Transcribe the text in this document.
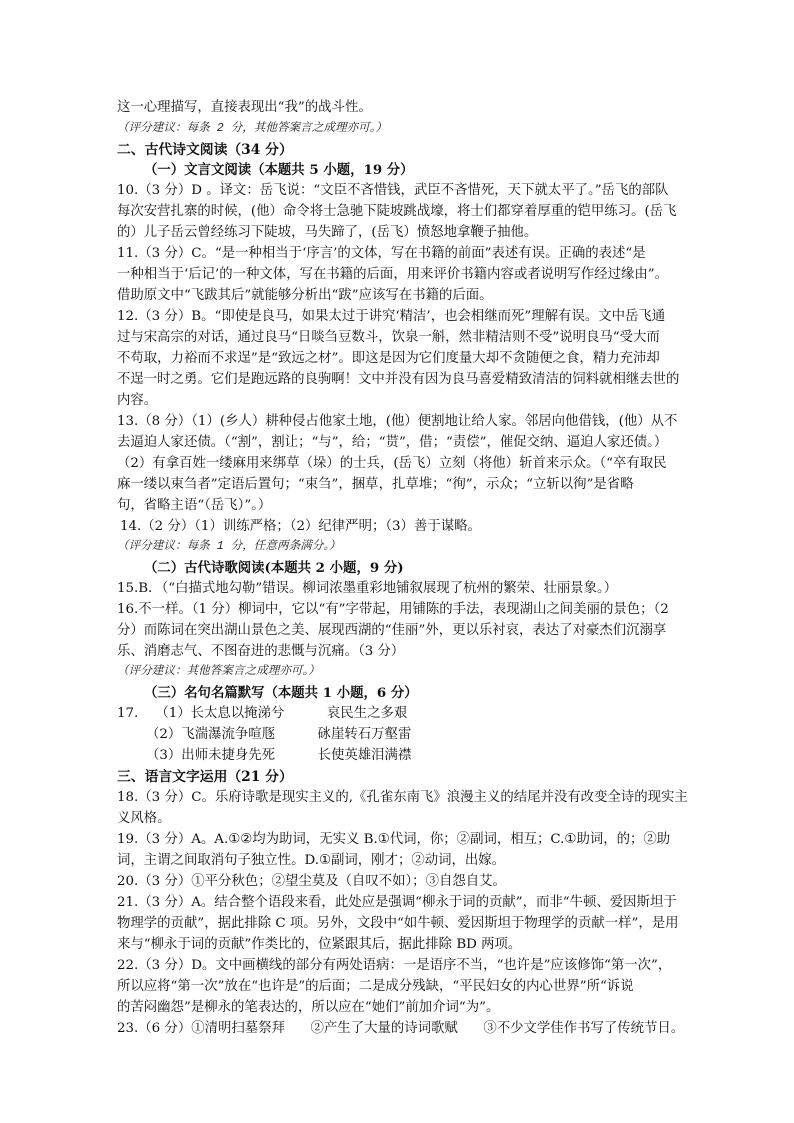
这一心理描写，直接表现出“我”的战斗性。
（评分建议：每条 2 分，其他答案言之成理亦可。）
二、古代诗文阅读（34 分）
（一）文言文阅读（本题共 5 小题，19 分）
10.（3 分）D 。译文：岳飞说：“文臣不吝惜钱，武臣不吝惜死，天下就太平了。”岳飞的部队
每次安营扎寨的时候，(他）命令将士急驰下陡坡跳战壕，将士们都穿着厚重的铠甲练习。(岳飞
的）儿子岳云曾经练习下陡坡，马失蹄了，(岳飞）愤怒地拿鞭子抽他。
11.（3 分）C。“是一种相当于‘序言’的文体，写在书籍的前面”表述有误。正确的表述“是
一种相当于‘后记’的一种文体，写在书籍的后面，用来评价书籍内容或者说明写作经过缘由”。
借助原文中“飞跋其后”就能够分析出“跋”应该写在书籍的后面。
12.（3 分）B。“即使是良马，如果太过于讲究‘精洁’，也会相继而死”理解有误。文中岳飞通
过与宋高宗的对话，通过良马“日啖刍豆数斗，饮泉一斛，然非精洁则不受”说明良马“受大而
不苟取，力裕而不求逞”是“致远之材”。即这是因为它们度量大却不贪随便之食，精力充沛却
不逞一时之勇。它们是跑远路的良驹啊！文中并没有因为良马喜爱精致清洁的饲料就相继去世的
内容。
13.（8 分）（1）(乡人）耕种侵占他家土地，(他）便割地让给人家。邻居向他借钱，(他）从不
去逼迫人家还债。（“割”，割让；“与”，给；“贳”，借；“责偿”，催促交纳、逼迫人家还债。）
（2）有拿百姓一缕麻用来绑草（垛）的士兵，(岳飞）立刻（将他）斩首来示众。（“卒有取民
麻一缕以束刍者”定语后置句；“束刍”，捆草，扎草堆；“徇”，示众；“立斩以徇”是省略
句，省略主语“（岳飞）”。）
14.（2 分）（1）训练严格；（2）纪律严明；（3）善于谋略。
（评分建议：每条 1 分，任意两条满分。）
（二）古代诗歌阅读(本题共 2 小题，9 分)
15.B．（“白描式地勾勒”错误。柳词浓墨重彩地铺叙展现了杭州的繁荣、壮丽景象。）
16.不一样。（1 分）柳词中，它以“有”字带起，用铺陈的手法，表现湖山之间美丽的景色；（2
分）而陈词在突出湖山景色之美、展现西湖的“佳丽”外，更以乐衬哀，表达了对豪杰们沉溺享
乐、消磨志气、不图奋进的悲慨与沉痛。（3 分）
（评分建议：其他答案言之成理亦可。）
（三）名句名篇默写（本题共 1 小题，6 分）
17.    （1）长太息以掩涕兮          哀民生之多艰
（2）飞湍瀑流争喧豗          砯崖转石万壑雷
（3）出师未捷身先死          长使英雄泪满襟
三、语言文字运用（21 分）
18.（3 分）C。乐府诗歌是现实主义的,《孔雀东南飞》浪漫主义的结尾并没有改变全诗的现实主
义风格。
19.（3 分）A。A.①②均为助词，无实义 B.①代词，你；②副词，相互；C.①助词，的；②助
词，主谓之间取消句子独立性。D.①副词，刚才；②动词，出嫁。
20.（3 分）①平分秋色；②望尘莫及（自叹不如）；③自怨自艾。
21.（3 分）A。结合整个语段来看，此处应是强调“柳永于词的贡献”，而非“牛顿、爱因斯坦于
物理学的贡献”，据此排除 C 项。另外，文段中“如牛顿、爱因斯坦于物理学的贡献一样”，是用
来与“柳永于词的贡献”作类比的，位紧跟其后，据此排除 BD 两项。
22.（3 分）D。文中画横线的部分有两处语病：一是语序不当，“也许是”应该修饰“第一次”，
所以应将“第一次”放在“也许是”的后面；二是成分残缺，“平民妇女的内心世界”所“诉说
的苦闷幽怨”是柳永的笔表达的，所以应在“她们”前加介词“为”。
23.（6 分）①清明扫墓祭拜      ②产生了大量的诗词歌赋      ③不少文学佳作书写了传统节日。
